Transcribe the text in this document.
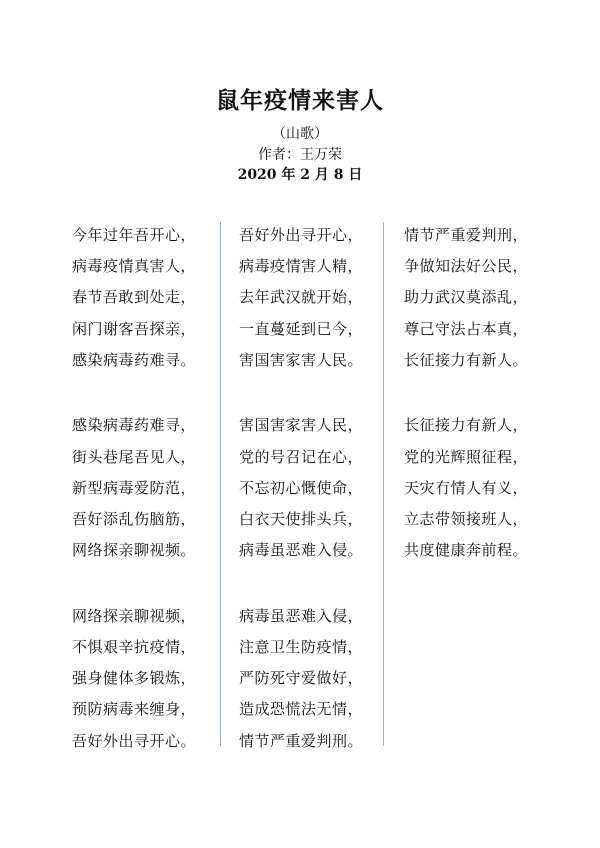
鼠年疫情来害人
（山歌）
作者：王万荣
2020 年 2 月 8 日
今年过年吾开心，
病毒疫情真害人，
春节吾敢到处走，
闲门谢客吾探亲，
感染病毒药难寻。
感染病毒药难寻，
街头巷尾吾见人，
新型病毒爱防范，
吾好添乱伤脑筋，
网络探亲聊视频。
网络探亲聊视频，
不惧艰辛抗疫情，
强身健体多锻炼，
预防病毒来缠身，
吾好外出寻开心。
吾好外出寻开心，
病毒疫情害人精，
去年武汉就开始，
一直蔓延到已今，
害国害家害人民。
害国害家害人民，
党的号召记在心，
不忘初心慨使命，
白衣天使排头兵，
病毒虽恶难入侵。
病毒虽恶难入侵，
注意卫生防疫情，
严防死守爱做好，
造成恐慌法无情，
情节严重爱判刑。
情节严重爱判刑，
争做知法好公民，
助力武汉莫添乱，
尊己守法占本真，
长征接力有新人。
长征接力有新人，
党的光辉照征程，
天灾冇情人有义，
立志带领接班人，
共度健康奔前程。
